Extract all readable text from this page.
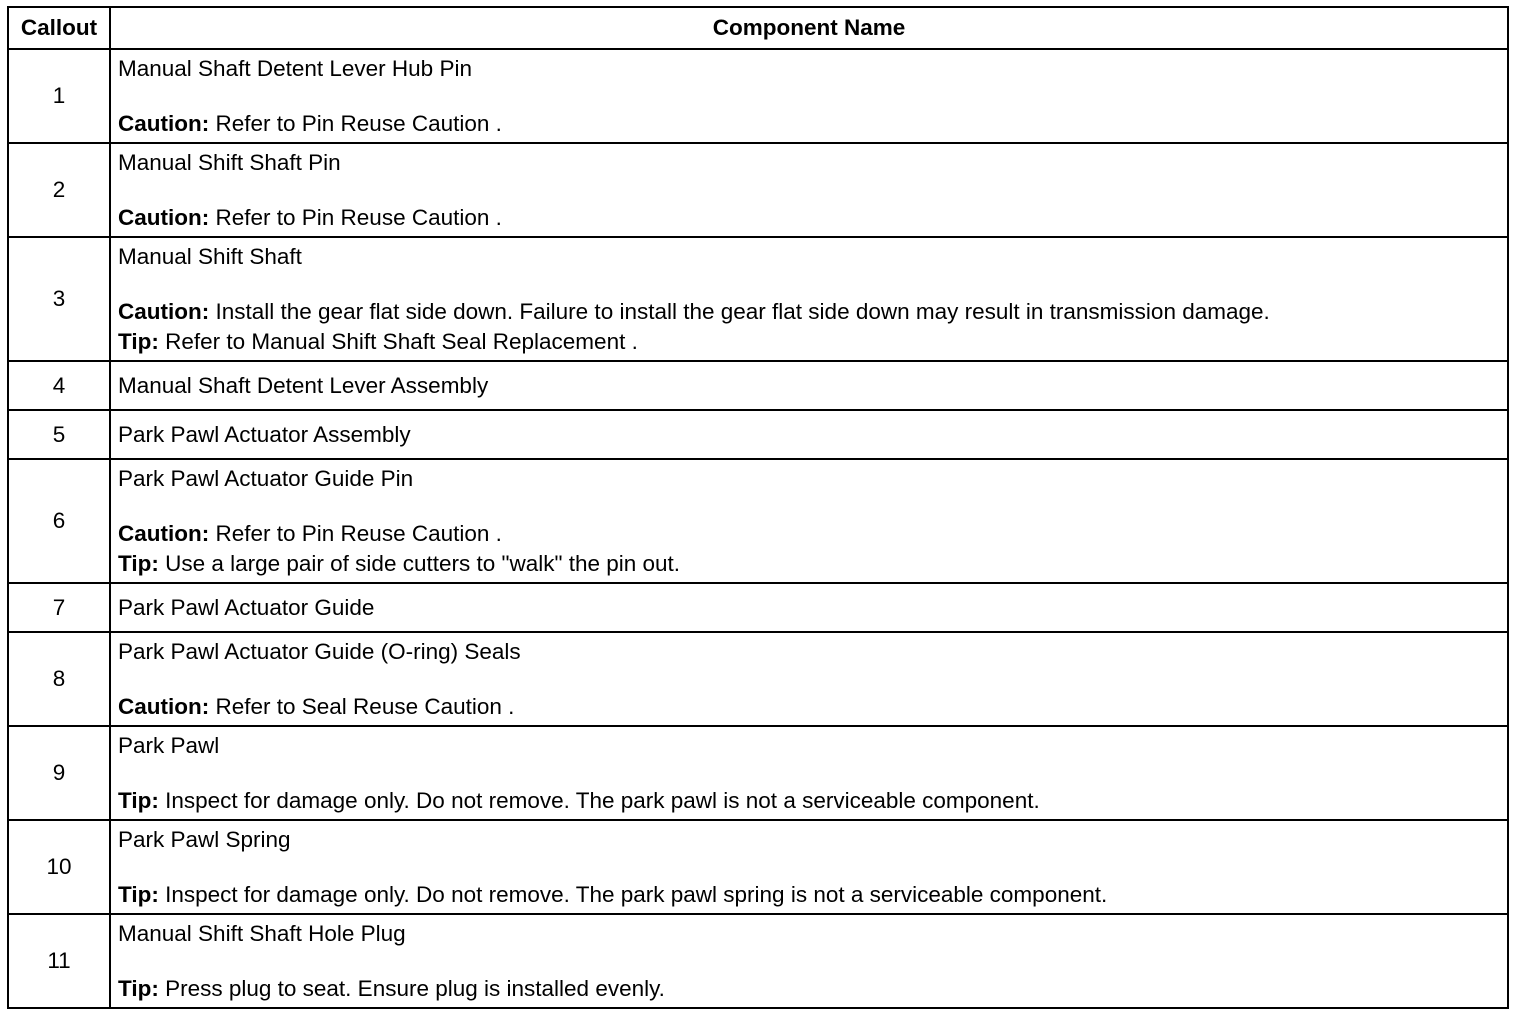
Callout	Component Name
1	Manual Shaft Detent Lever Hub Pin
Caution: Refer to Pin Reuse Caution .

2	Manual Shift Shaft Pin
Caution: Refer to Pin Reuse Caution .

3	Manual Shift Shaft
Caution: Install the gear flat side down. Failure to install the gear flat side down may result in transmission damage.
Tip: Refer to Manual Shift Shaft Seal Replacement .

4	Manual Shaft Detent Lever Assembly

5	Park Pawl Actuator Assembly

6	Park Pawl Actuator Guide Pin
Caution: Refer to Pin Reuse Caution .
Tip: Use a large pair of side cutters to "walk" the pin out.

7	Park Pawl Actuator Guide

8	Park Pawl Actuator Guide (O-ring) Seals
Caution: Refer to Seal Reuse Caution .

9	Park Pawl
Tip: Inspect for damage only. Do not remove. The park pawl is not a serviceable component.

10	Park Pawl Spring
Tip: Inspect for damage only. Do not remove. The park pawl spring is not a serviceable component.

11	Manual Shift Shaft Hole Plug
Tip: Press plug to seat. Ensure plug is installed evenly.
